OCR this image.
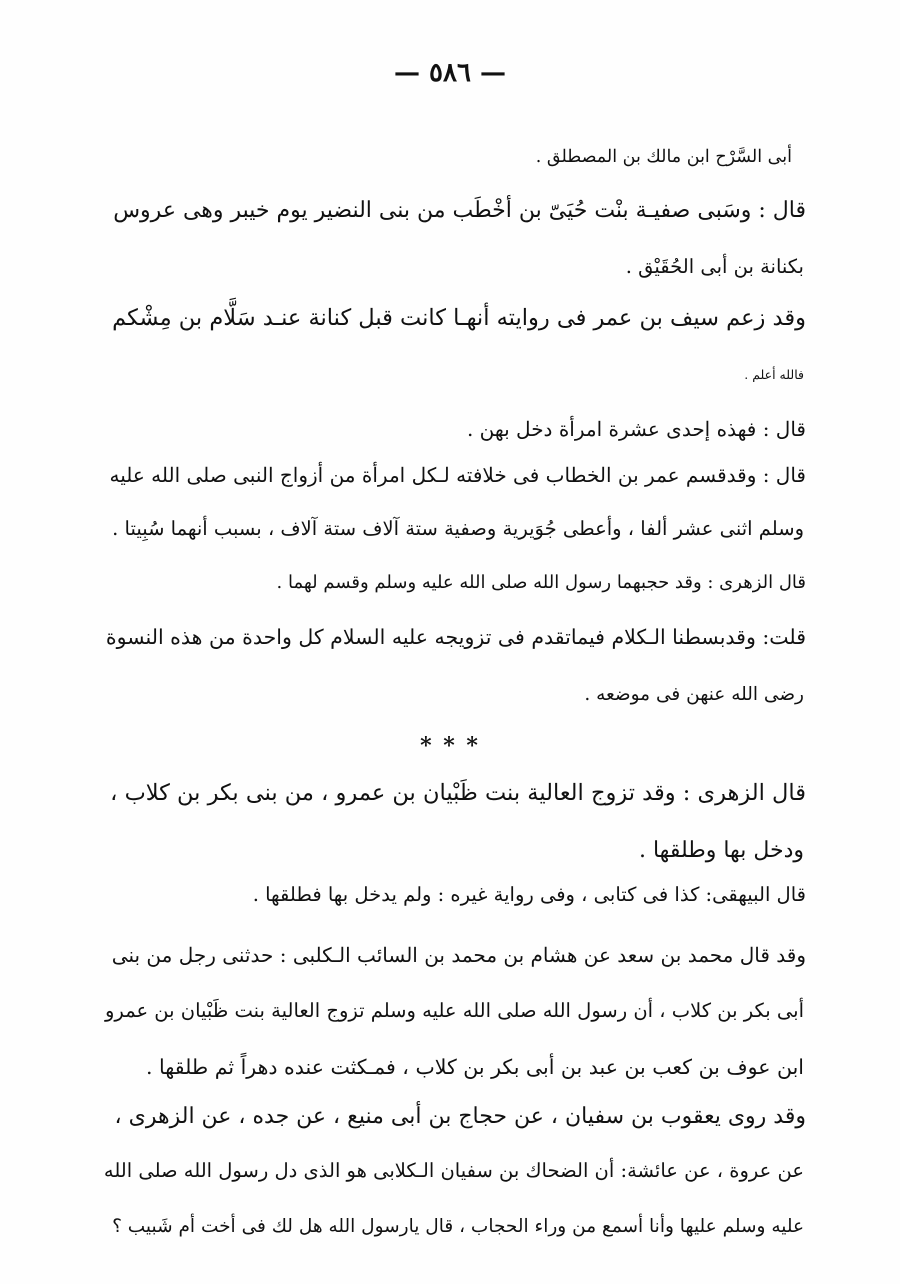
— ٥٨٦ —
أبى السَّرْح ابن مالك بن المصطلق .
قال : وسَبى صفيـة بنْت حُيَىّ بن أخْطَب من بنى النضير يوم خيبر وهى عروس
بكنانة بن أبى الحُقَيْق .
وقد زعم سيف بن عمر فى روايته أنهـا كانت قبل كنانة عنـد سَلَّام بن مِشْكم
فالله أعلم .
قال : فهذه إحدى عشرة امرأة دخل بهن .
قال : وقدقسم عمر بن الخطاب فى خلافته لـكل امرأة من أزواج النبى صلى الله عليه
وسلم اثنى عشر ألفا ، وأعطى جُوَيرية وصفية ستة آلاف ستة آلاف ، بسبب أنهما سُبِيتا .
قال الزهرى : وقد حجبهما رسول الله صلى الله عليه وسلم وقسم لهما .
قلت: وقدبسطنا الـكلام فيماتقدم فى تزويجه عليه السلام كل واحدة من هذه النسوة
رضى الله عنهن فى موضعه .
* * *
قال الزهرى : وقد تزوج العالية بنت ظَبْيان بن عمرو ، من بنى بكر بن كلاب ،
ودخل بها وطلقها .
قال البيهقى: كذا فى كتابى ، وفى رواية غيره : ولم يدخل بها فطلقها .
وقد قال محمد بن سعد عن هشام بن محمد بن السائب الـكلبى : حدثنى رجل من بنى
أبى بكر بن كلاب ، أن رسول الله صلى الله عليه وسلم تزوج العالية بنت ظَبْيان بن عمرو
ابن عوف بن كعب بن عبد بن أبى بكر بن كلاب ، فمـكثت عنده دهراً ثم طلقها .
وقد روى يعقوب بن سفيان ، عن حجاج بن أبى منيع ، عن جده ، عن الزهرى ،
عن عروة ، عن عائشة: أن الضحاك بن سفيان الـكلابى هو الذى دل رسول الله صلى الله
عليه وسلم عليها وأنا أسمع من وراء الحجاب ، قال يارسول الله هل لك فى أخت أم شَبيب ؟
